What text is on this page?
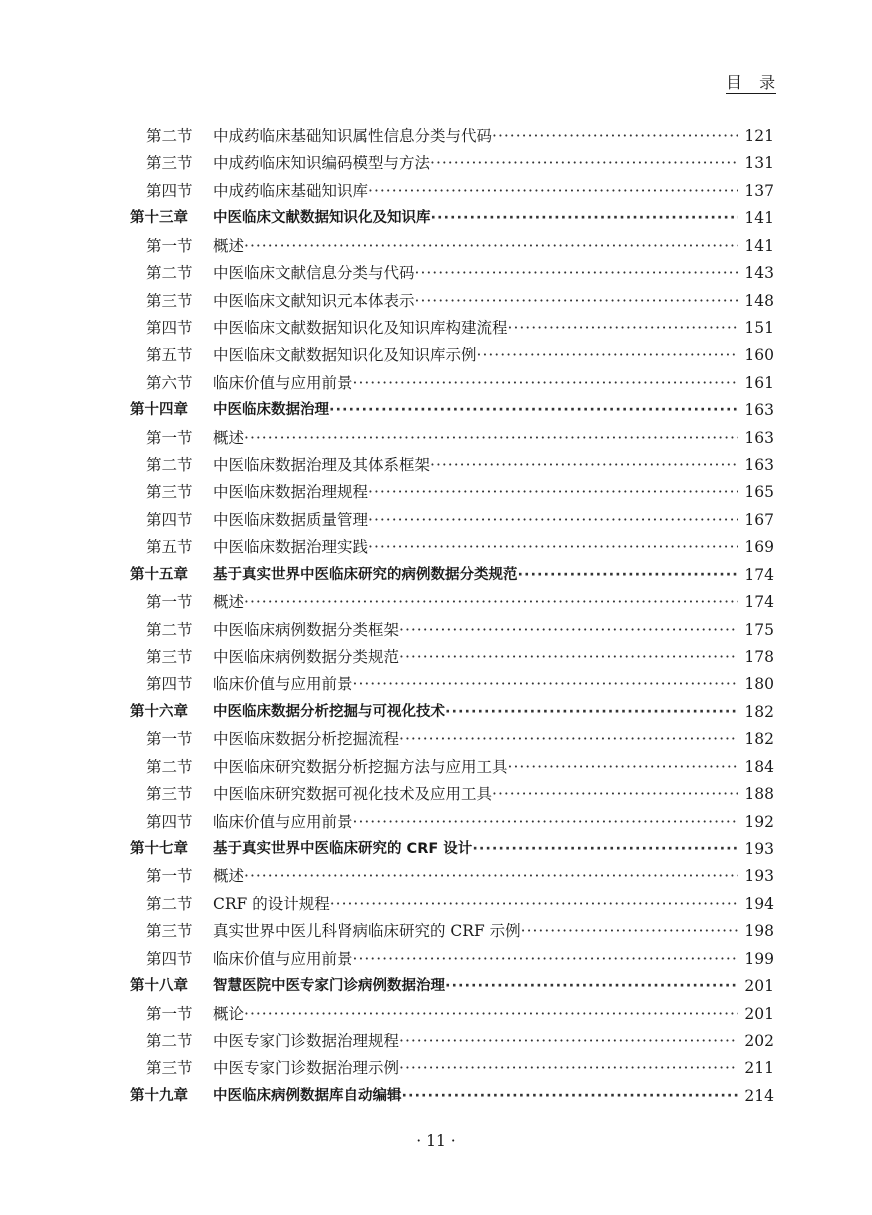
目 录
第二节 中成药临床基础知识属性信息分类与代码 ·····	121
第三节 中成药临床知识编码模型与方法 ·····	131
第四节 中成药临床基础知识库 ·····	137
第十三章 中医临床文献数据知识化及知识库 ·····	141
第一节 概述 ·····	141
第二节 中医临床文献信息分类与代码 ·····	143
第三节 中医临床文献知识元本体表示 ·····	148
第四节 中医临床文献数据知识化及知识库构建流程 ·····	151
第五节 中医临床文献数据知识化及知识库示例 ·····	160
第六节 临床价值与应用前景 ·····	161
第十四章 中医临床数据治理 ·····	163
第一节 概述 ·····	163
第二节 中医临床数据治理及其体系框架 ·····	163
第三节 中医临床数据治理规程 ·····	165
第四节 中医临床数据质量管理 ·····	167
第五节 中医临床数据治理实践 ·····	169
第十五章 基于真实世界中医临床研究的病例数据分类规范 ·····	174
第一节 概述 ·····	174
第二节 中医临床病例数据分类框架 ·····	175
第三节 中医临床病例数据分类规范 ·····	178
第四节 临床价值与应用前景 ·····	180
第十六章 中医临床数据分析挖掘与可视化技术 ·····	182
第一节 中医临床数据分析挖掘流程 ·····	182
第二节 中医临床研究数据分析挖掘方法与应用工具 ·····	184
第三节 中医临床研究数据可视化技术及应用工具 ·····	188
第四节 临床价值与应用前景 ·····	192
第十七章 基于真实世界中医临床研究的 CRF 设计 ·····	193
第一节 概述 ·····	193
第二节 CRF 的设计规程 ·····	194
第三节 真实世界中医儿科肾病临床研究的 CRF 示例 ·····	198
第四节 临床价值与应用前景 ·····	199
第十八章 智慧医院中医专家门诊病例数据治理 ·····	201
第一节 概论 ·····	201
第二节 中医专家门诊数据治理规程 ·····	202
第三节 中医专家门诊数据治理示例 ·····	211
第十九章 中医临床病例数据库自动编辑 ·····	214
· 11 ·
